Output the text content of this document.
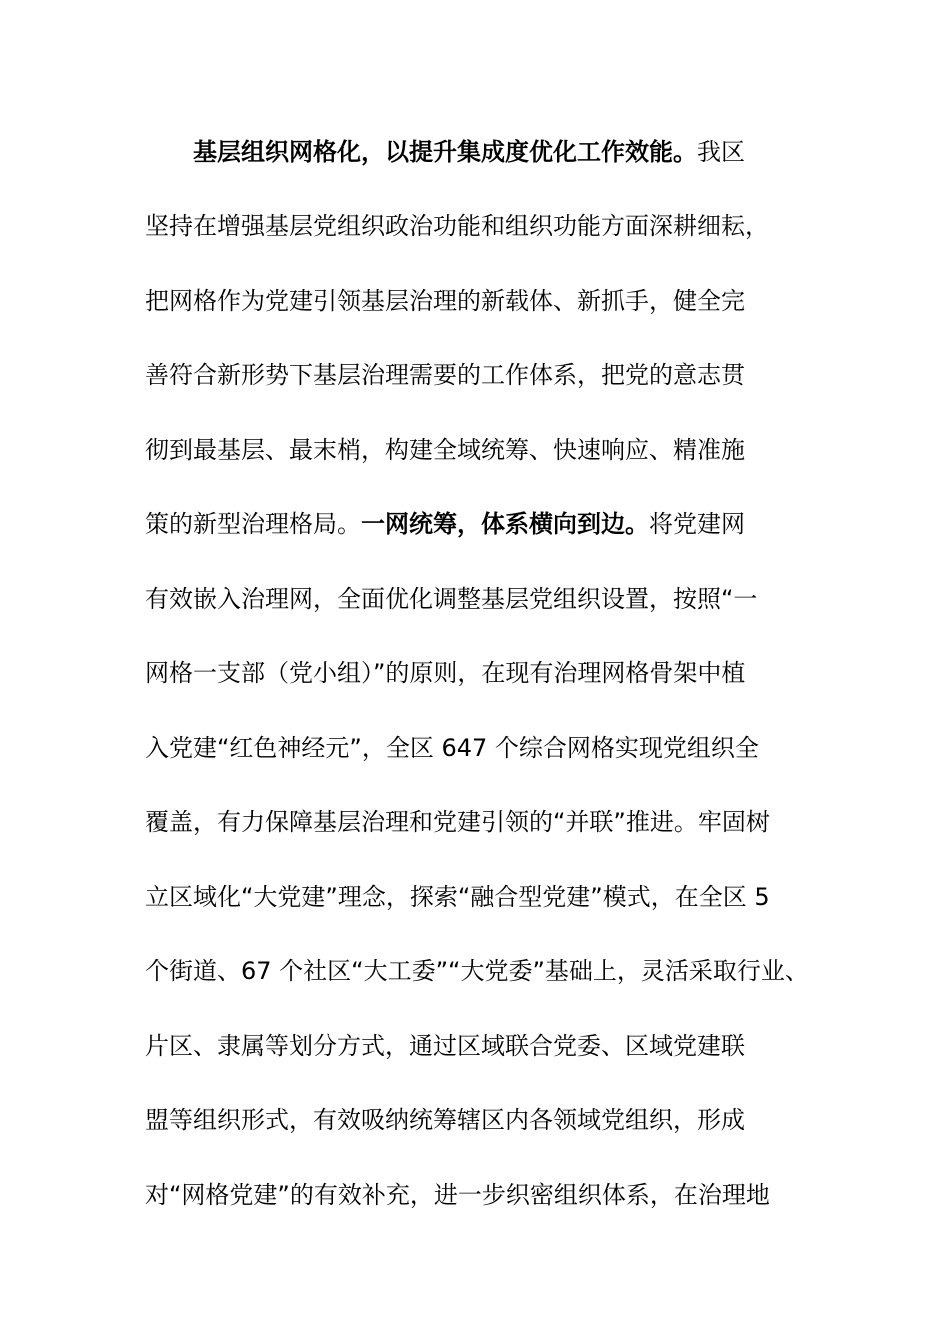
基层组织网格化，以提升集成度优化工作效能。我区
坚持在增强基层党组织政治功能和组织功能方面深耕细耘，
把网格作为党建引领基层治理的新载体、新抓手，健全完
善符合新形势下基层治理需要的工作体系，把党的意志贯
彻到最基层、最末梢，构建全域统筹、快速响应、精准施
策的新型治理格局。一网统筹，体系横向到边。将党建网
有效嵌入治理网，全面优化调整基层党组织设置，按照“一
网格一支部（党小组）”的原则，在现有治理网格骨架中植
入党建“红色神经元”，全区 647 个综合网格实现党组织全
覆盖，有力保障基层治理和党建引领的“并联”推进。牢固树
立区域化“大党建”理念，探索“融合型党建”模式，在全区 5
个街道、67 个社区“大工委”“大党委”基础上，灵活采取行业、
片区、隶属等划分方式，通过区域联合党委、区域党建联
盟等组织形式，有效吸纳统筹辖区内各领域党组织，形成
对“网格党建”的有效补充，进一步织密组织体系，在治理地
